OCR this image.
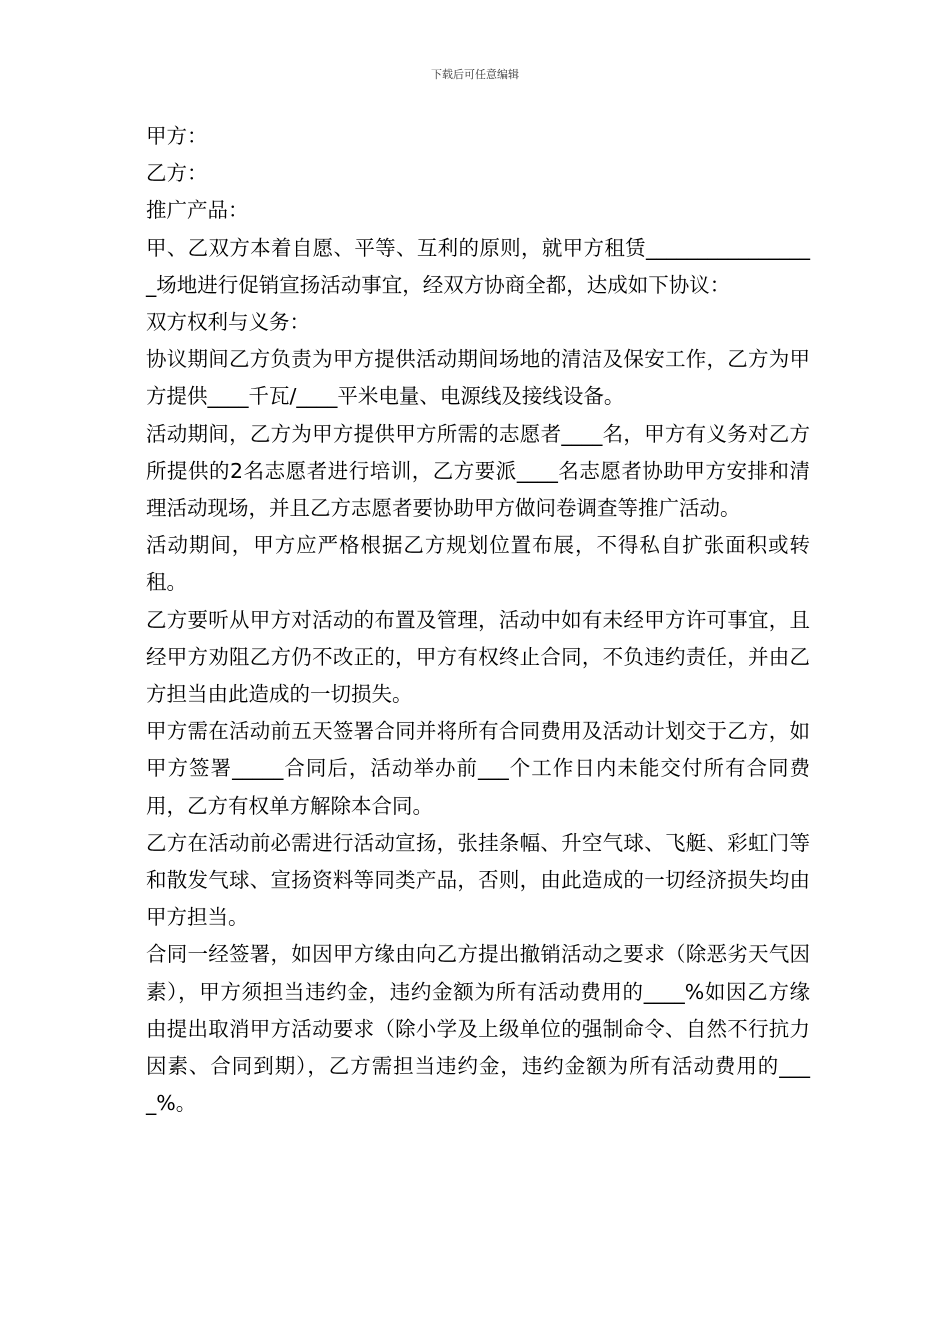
下载后可任意编辑

甲方：

乙方：

推广产品：

甲、乙双方本着自愿、平等、互利的原则，就甲方租赁_________________场地进行促销宣扬活动事宜，经双方协商全都，达成如下协议：

双方权利与义务：

协议期间乙方负责为甲方提供活动期间场地的清洁及保安工作，乙方为甲方提供____千瓦/____平米电量、电源线及接线设备。

活动期间，乙方为甲方提供甲方所需的志愿者____名，甲方有义务对乙方所提供的2名志愿者进行培训，乙方要派____名志愿者协助甲方安排和清理活动现场，并且乙方志愿者要协助甲方做问卷调查等推广活动。

活动期间，甲方应严格根据乙方规划位置布展，不得私自扩张面积或转租。

乙方要听从甲方对活动的布置及管理，活动中如有未经甲方许可事宜，且经甲方劝阻乙方仍不改正的，甲方有权终止合同，不负违约责任，并由乙方担当由此造成的一切损失。

甲方需在活动前五天签署合同并将所有合同费用及活动计划交于乙方，如甲方签署_____合同后，活动举办前___个工作日内未能交付所有合同费用，乙方有权单方解除本合同。

乙方在活动前必需进行活动宣扬，张挂条幅、升空气球、飞艇、彩虹门等和散发气球、宣扬资料等同类产品，否则，由此造成的一切经济损失均由甲方担当。

合同一经签署，如因甲方缘由向乙方提出撤销活动之要求（除恶劣天气因素），甲方须担当违约金，违约金额为所有活动费用的____%如因乙方缘由提出取消甲方活动要求（除小学及上级单位的强制命令、自然不行抗力因素、合同到期），乙方需担当违约金，违约金额为所有活动费用的____%。
